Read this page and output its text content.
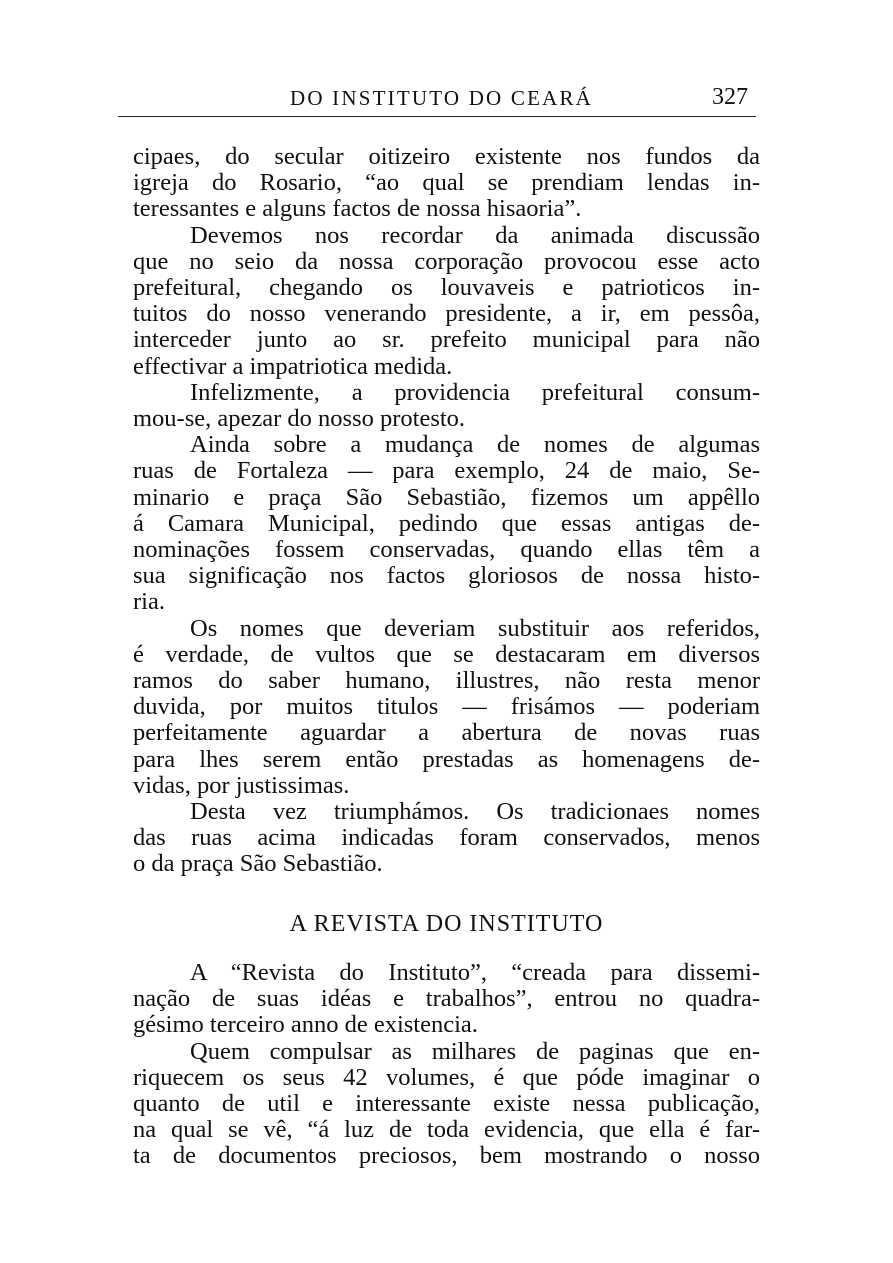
DO INSTITUTO DO CEARÁ	327
cipaes, do secular oitizeiro existente nos fundos da
igreja do Rosario, “ao qual se prendiam lendas in-
teressantes e alguns factos de nossa hisaoria”.
Devemos nos recordar da animada discussão
que no seio da nossa corporação provocou esse acto
prefeitural, chegando os louvaveis e patrioticos in-
tuitos do nosso venerando presidente, a ir, em pessôa,
interceder junto ao sr. prefeito municipal para não
effectivar a impatriotica medida.
Infelizmente, a providencia prefeitural consum-
mou-se, apezar do nosso protesto.
Ainda sobre a mudança de nomes de algumas
ruas de Fortaleza — para exemplo, 24 de maio, Se-
minario e praça São Sebastião, fizemos um appêllo
á Camara Municipal, pedindo que essas antigas de-
nominações fossem conservadas, quando ellas têm a
sua significação nos factos gloriosos de nossa histo-
ria.
Os nomes que deveriam substituir aos referidos,
é verdade, de vultos que se destacaram em diversos
ramos do saber humano, illustres, não resta menor
duvida, por muitos titulos — frisámos — poderiam
perfeitamente aguardar a abertura de novas ruas
para lhes serem então prestadas as homenagens de-
vidas, por justissimas.
Desta vez triumphámos. Os tradicionaes nomes
das ruas acima indicadas foram conservados, menos
o da praça São Sebastião.
A REVISTA DO INSTITUTO
A “Revista do Instituto”, “creada para dissemi-
nação de suas idéas e trabalhos”, entrou no quadra-
gésimo terceiro anno de existencia.
Quem compulsar as milhares de paginas que en-
riquecem os seus 42 volumes, é que póde imaginar o
quanto de util e interessante existe nessa publicação,
na qual se vê, “á luz de toda evidencia, que ella é far-
ta de documentos preciosos, bem mostrando o nosso
